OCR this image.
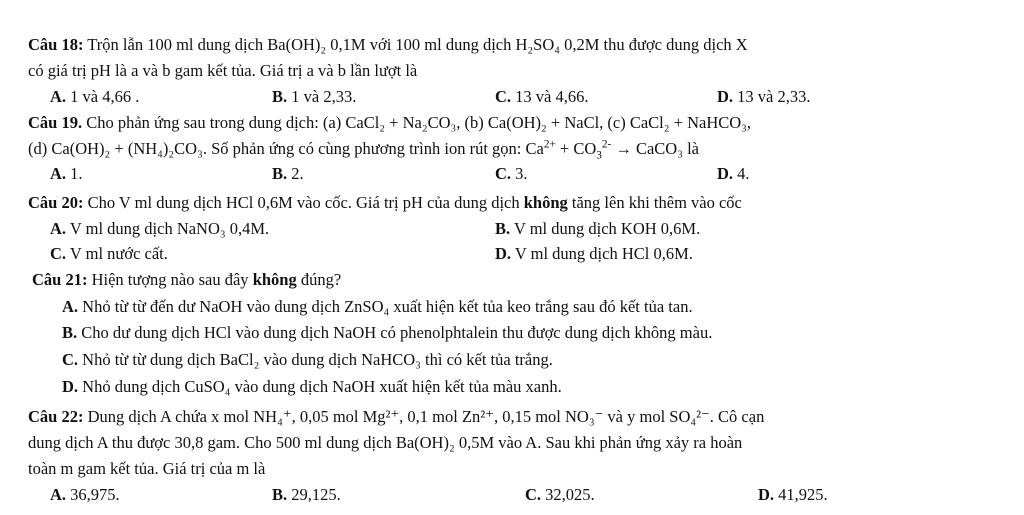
Câu 18: Trộn lẫn 100 ml dung dịch Ba(OH)₂ 0,1M với 100 ml dung dịch H₂SO₄ 0,2M thu được dung dịch X
có giá trị pH là a và b gam kết tủa. Giá trị a và b lần lượt là
A. 1 và 4,66 .	B. 1 và 2,33.	C. 13 và 4,66.	D. 13 và 2,33.
Câu 19. Cho phản ứng sau trong dung dịch: (a) CaCl₂ + Na₂CO₃, (b) Ca(OH)₂ + NaCl, (c) CaCl₂ + NaHCO₃,
(d) Ca(OH)₂ + (NH₄)₂CO₃. Số phản ứng có cùng phương trình ion rút gọn: $Ca^{2+} + CO_3^{2-}$ → CaCO₃ là
A. 1.	B. 2.	C. 3.	D. 4.
Câu 20: Cho V ml dung dịch HCl 0,6M vào cốc. Giá trị pH của dung dịch không tăng lên khi thêm vào cốc
A. V ml dung dịch NaNO₃ 0,4M.	B. V ml dung dịch KOH 0,6M.
C. V ml nước cất.	D. V ml dung dịch HCl 0,6M.
Câu 21: Hiện tượng nào sau đây không đúng?
A. Nhỏ từ từ đến dư NaOH vào dung dịch ZnSO₄ xuất hiện kết tủa keo trắng sau đó kết tủa tan.
B. Cho dư dung dịch HCl vào dung dịch NaOH có phenolphtalein thu được dung dịch không màu.
C. Nhỏ từ từ dung dịch BaCl₂ vào dung dịch NaHCO₃ thì có kết tủa trắng.
D. Nhỏ dung dịch CuSO₄ vào dung dịch NaOH xuất hiện kết tủa màu xanh.
Câu 22: Dung dịch A chứa x mol NH₄⁺, 0,05 mol Mg²⁺, 0,1 mol Zn²⁺, 0,15 mol NO₃⁻ và y mol SO₄²⁻. Cô cạn
dung dịch A thu được 30,8 gam. Cho 500 ml dung dịch Ba(OH)₂ 0,5M vào A. Sau khi phản ứng xảy ra hoàn
toàn m gam kết tủa. Giá trị của m là
A. 36,975.	B. 29,125.	C. 32,025.	D. 41,925.
